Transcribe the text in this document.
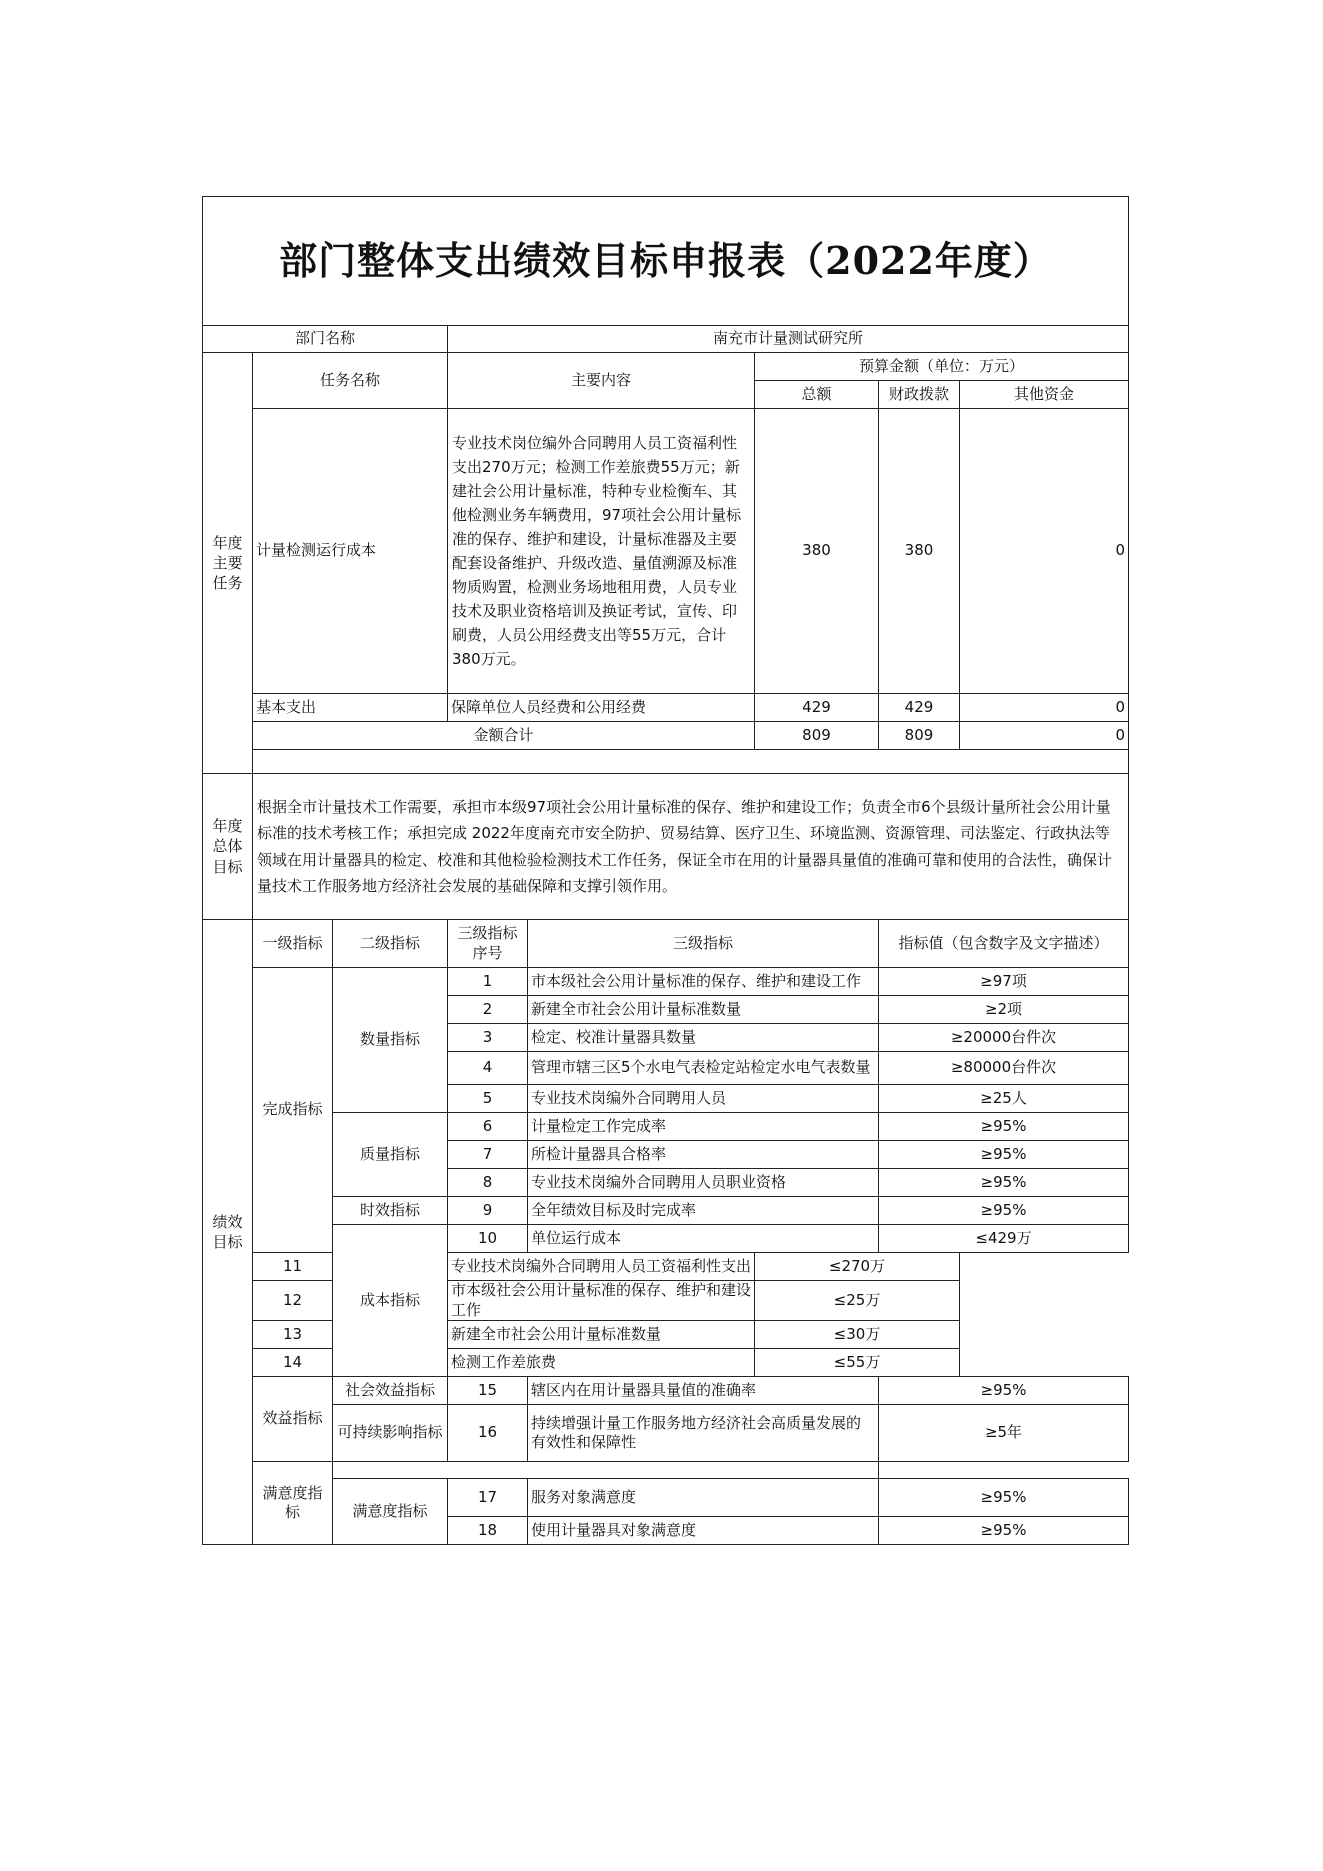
部门整体支出绩效目标申报表（2022年度）							
部门名称			南充市计量测试研究所				
年度主要任务	任务名称		主要内容		预算金额（单位：万元）		
					总额	财政拨款	其他资金
	计量检测运行成本		专业技术岗位编外合同聘用人员工资福利性支出270万元；检测工作差旅费55万元；新建社会公用计量标准，特种专业检衡车、其他检测业务车辆费用，97项社会公用计量标准的保存、维护和建设，计量标准器及主要配套设备维护、升级改造、量值溯源及标准物质购置，检测业务场地租用费，人员专业技术及职业资格培训及换证考试，宣传、印刷费，人员公用经费支出等55万元，合计380万元。		380	380	0
	基本支出		保障单位人员经费和公用经费		429	429	0
	金额合计				809	809	0

年度总体目标	根据全市计量技术工作需要，承担市本级97项社会公用计量标准的保存、维护和建设工作；负责全市6个县级计量所社会公用计量标准的技术考核工作；承担完成 2022年度南充市安全防护、贸易结算、医疗卫生、环境监测、资源管理、司法鉴定、行政执法等领域在用计量器具的检定、校准和其他检验检测技术工作任务，保证全市在用的计量器具量值的准确可靠和使用的合法性，确保计量技术工作服务地方经济社会发展的基础保障和支撑引领作用。						
绩效目标	一级指标	二级指标	三级指标序号	三级指标		指标值（包含数字及文字描述）	
	完成指标	数量指标	1	市本级社会公用计量标准的保存、维护和建设工作		≥97项	
			2	新建全市社会公用计量标准数量		≥2项	
			3	检定、校准计量器具数量		≥20000台件次	
			4	管理市辖三区5个水电气表检定站检定水电气表数量		≥80000台件次	
			5	专业技术岗编外合同聘用人员		≥25人	
		质量指标	6	计量检定工作完成率		≥95%	
			7	所检计量器具合格率		≥95%	
			8	专业技术岗编外合同聘用人员职业资格		≥95%	
		时效指标	9	全年绩效目标及时完成率		≥95%	
		成本指标	10	单位运行成本		≤429万	
	11		专业技术岗编外合同聘用人员工资福利性支出		≤270万		
	12		市本级社会公用计量标准的保存、维护和建设工作		≤25万		
	13		新建全市社会公用计量标准数量		≤30万		
	14		检测工作差旅费		≤55万		
	效益指标	社会效益指标	15	辖区内在用计量器具量值的准确率		≥95%	
		可持续影响指标	16	持续增强计量工作服务地方经济社会高质量发展的有效性和保障性		≥5年	
	满意度指标						
		满意度指标	17	服务对象满意度		≥95%	
			18	使用计量器具对象满意度		≥95%	
